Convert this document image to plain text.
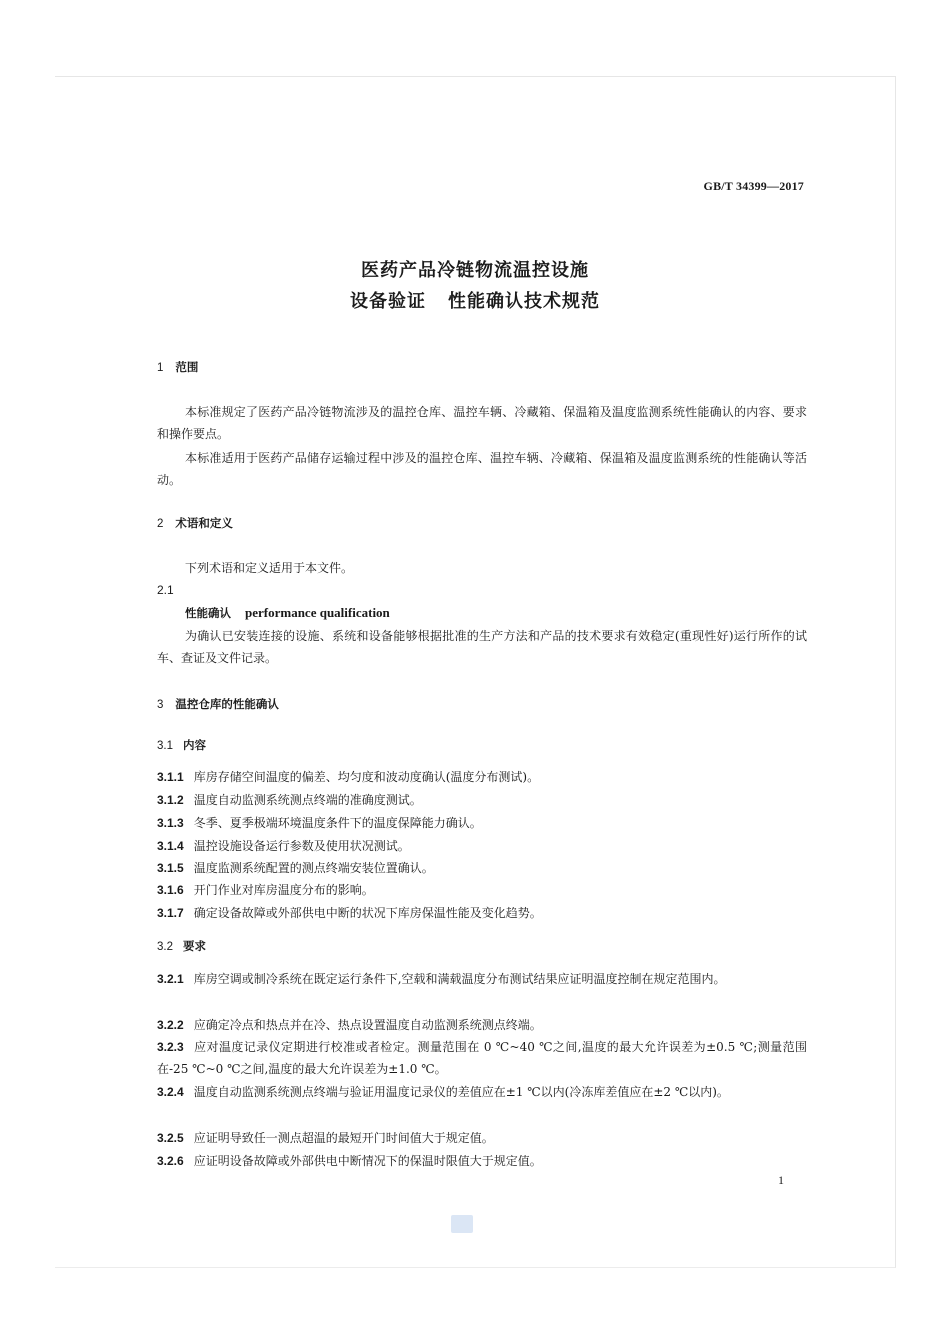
GB/T 34399—2017
医药产品冷链物流温控设施
设备验证 性能确认技术规范
1 范围
本标准规定了医药产品冷链物流涉及的温控仓库、温控车辆、冷藏箱、保温箱及温度监测系统性能确认的内容、要求和操作要点。
本标准适用于医药产品储存运输过程中涉及的温控仓库、温控车辆、冷藏箱、保温箱及温度监测系统的性能确认等活动。
2 术语和定义
下列术语和定义适用于本文件。
2.1
性能确认 performance qualification
为确认已安装连接的设施、系统和设备能够根据批准的生产方法和产品的技术要求有效稳定(重现性好)运行所作的试车、查证及文件记录。
3 温控仓库的性能确认
3.1 内容
3.1.1 库房存储空间温度的偏差、均匀度和波动度确认(温度分布测试)。
3.1.2 温度自动监测系统测点终端的准确度测试。
3.1.3 冬季、夏季极端环境温度条件下的温度保障能力确认。
3.1.4 温控设施设备运行参数及使用状况测试。
3.1.5 温度监测系统配置的测点终端安装位置确认。
3.1.6 开门作业对库房温度分布的影响。
3.1.7 确定设备故障或外部供电中断的状况下库房保温性能及变化趋势。
3.2 要求
3.2.1 库房空调或制冷系统在既定运行条件下,空载和满载温度分布测试结果应证明温度控制在规定范围内。
3.2.2 应确定冷点和热点并在冷、热点设置温度自动监测系统测点终端。
3.2.3 应对温度记录仪定期进行校准或者检定。测量范围在 0 ℃~40 ℃之间,温度的最大允许误差为±0.5 ℃;测量范围在-25 ℃~0 ℃之间,温度的最大允许误差为±1.0 ℃。
3.2.4 温度自动监测系统测点终端与验证用温度记录仪的差值应在±1 ℃以内(冷冻库差值应在±2 ℃以内)。
3.2.5 应证明导致任一测点超温的最短开门时间值大于规定值。
3.2.6 应证明设备故障或外部供电中断情况下的保温时限值大于规定值。
1
